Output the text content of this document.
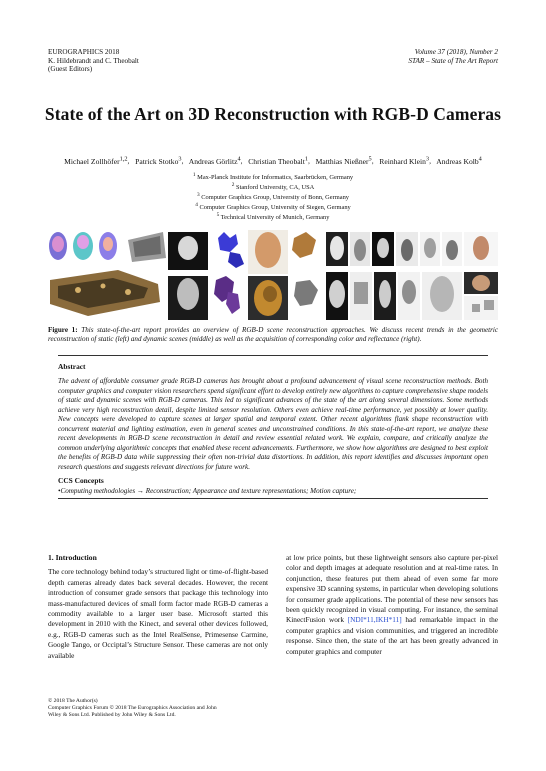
EUROGRAPHICS 2018
K. Hildebrandt and C. Theobalt
(Guest Editors)
Volume 37 (2018), Number 2
STAR – State of The Art Report
State of the Art on 3D Reconstruction with RGB-D Cameras
Michael Zollhöfer$^{1,2}$,   Patrick Stotko$^3$,   Andreas Görlitz$^4$,   Christian Theobalt$^1$,   Matthias Nießner$^5$,   Reinhard Klein$^3$,   Andreas Kolb$^4$
$^1$ Max-Planck Institute for Informatics, Saarbrücken, Germany
$^2$ Stanford University, CA, USA
$^3$ Computer Graphics Group, University of Bonn, Germany
$^4$ Computer Graphics Group, University of Siegen, Germany
$^5$ Technical University of Munich, Germany
Figure 1: This state-of-the-art report provides an overview of RGB-D scene reconstruction approaches. We discuss recent trends in the geometric reconstruction of static (left) and dynamic scenes (middle) as well as the acquisition of corresponding color and reflectance (right).
Abstract
The advent of affordable consumer grade RGB-D cameras has brought about a profound advancement of visual scene reconstruction methods. Both computer graphics and computer vision researchers spend significant effort to develop entirely new algorithms to capture comprehensive shape models of static and dynamic scenes with RGB-D cameras. This led to significant advances of the state of the art along several dimensions. Some methods achieve very high reconstruction detail, despite limited sensor resolution. Others even achieve real-time performance, yet possibly at lower quality. New concepts were developed to capture scenes at larger spatial and temporal extent. Other recent algorithms flank shape reconstruction with concurrent material and lighting estimation, even in general scenes and unconstrained conditions. In this state-of-the-art report, we analyze these recent developments in RGB-D scene reconstruction in detail and review essential related work. We explain, compare, and critically analyze the common underlying algorithmic concepts that enabled these recent advancements. Furthermore, we show how algorithms are designed to best exploit the benefits of RGB-D data while suppressing their often non-trivial data distortions. In addition, this report identifies and discusses important open research questions and suggests relevant directions for future work.
CCS Concepts
•Computing methodologies → Reconstruction; Appearance and texture representations; Motion capture;
1. Introduction
The core technology behind today’s structured light or time-of-flight-based depth cameras already dates back several decades. However, the recent introduction of consumer grade sensors that package this technology into mass-manufactured devices of small form factor made RGB-D cameras a commodity available to a larger user base. Microsoft started this development in 2010 with the Kinect, and several other devices followed, e.g., RGB-D cameras such as the Intel RealSense, Primesense Carmine, Google Tango, or Occiptal’s Structure Sensor. These cameras are not only available
at low price points, but these lightweight sensors also capture per-pixel color and depth images at adequate resolution and at real-time rates. In conjunction, these features put them ahead of even some far more expensive 3D scanning systems, in particular when developing solutions for consumer grade applications. The potential of these new sensors has been quickly recognized in visual computing. For instance, the seminal KinectFusion work [NDI*11,IKH*11] had remarkable impact in the computer graphics and vision communities, and triggered an incredible response. Since then, the state of the art has been greatly advanced in computer graphics and computer
© 2018 The Author(s)
Computer Graphics Forum © 2018 The Eurographics Association and John
Wiley & Sons Ltd. Published by John Wiley & Sons Ltd.
